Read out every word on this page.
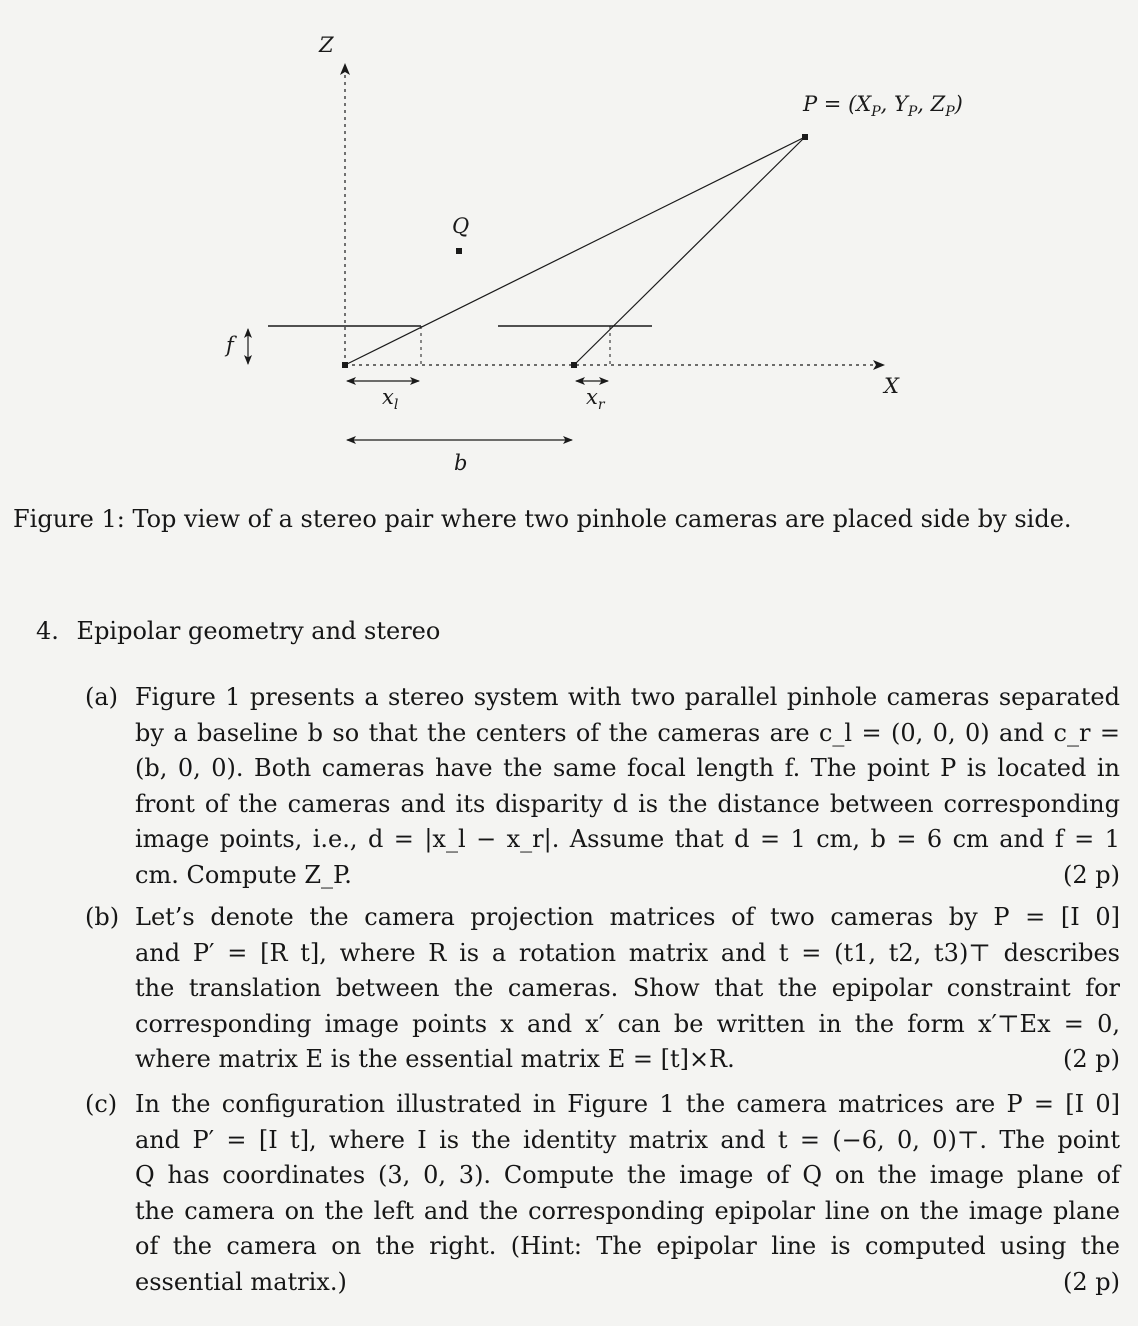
Z
X
$P = (X_P$, $Y_P$, $Z_P$)
Q
f
$x_l$	$x_r$
b
Figure 1: Top view of a stereo pair where two pinhole cameras are placed side by side.
4. Epipolar geometry and stereo
(a) Figure 1 presents a stereo system with two parallel pinhole cameras separated
by a baseline b so that the centers of the cameras are c_l = (0, 0, 0) and c_r =
(b, 0, 0). Both cameras have the same focal length f. The point P is located in
front of the cameras and its disparity d is the distance between corresponding
image points, i.e., d = |x_l − x_r|. Assume that d = 1 cm, b = 6 cm and f = 1
cm. Compute Z_P.	(2 p)
(b) Let’s denote the camera projection matrices of two cameras by P = [I 0]
and P′ = [R t], where R is a rotation matrix and t = (t1, t2, t3)⊤ describes
the translation between the cameras. Show that the epipolar constraint for
corresponding image points x and x′ can be written in the form x′⊤Ex = 0,
where matrix E is the essential matrix E = [t]×R.	(2 p)
(c) In the configuration illustrated in Figure 1 the camera matrices are P = [I 0]
and P′ = [I t], where I is the identity matrix and t = (−6, 0, 0)⊤. The point
Q has coordinates (3, 0, 3). Compute the image of Q on the image plane of
the camera on the left and the corresponding epipolar line on the image plane
of the camera on the right. (Hint: The epipolar line is computed using the
essential matrix.)	(2 p)
